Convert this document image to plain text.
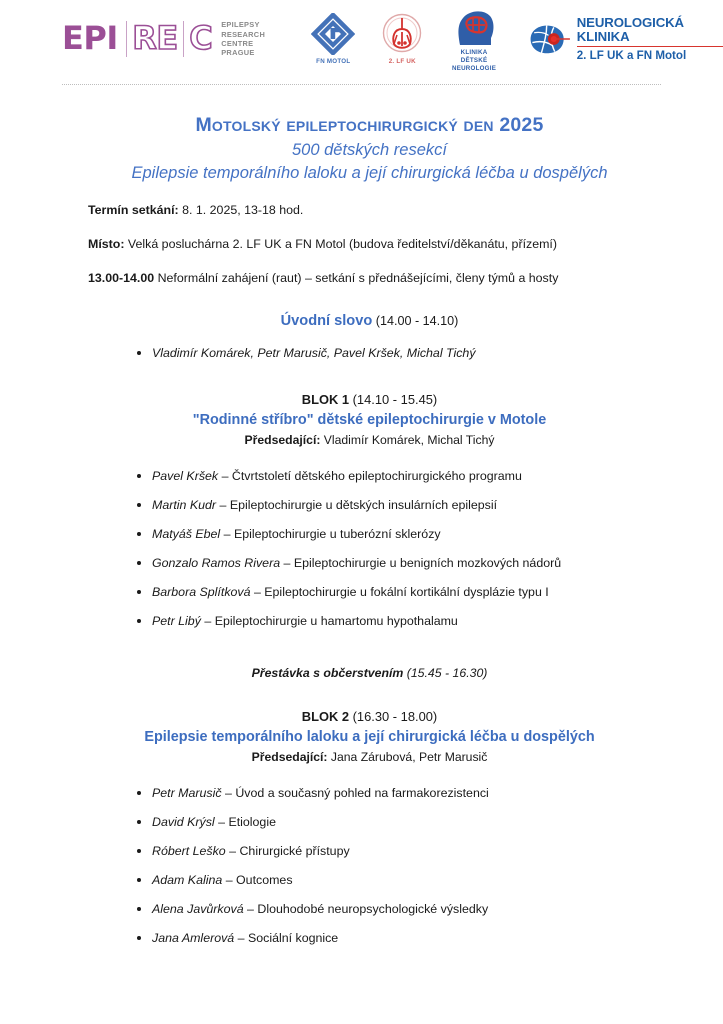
EPI RE C EPILEPSY
RESEARCH CENTRE
PRAGUE
FN MOTOL	2. LF UK
KLINIKA DĚTSKÉ
NEUROLOGIE
NEUROLOGICKÁ KLINIKA
2. LF UK a FN Motol
Motolský epileptochirurgický den 2025
500 dětských resekcí
Epilepsie temporálního laloku a její chirurgická léčba u dospělých
Termín setkání: 8. 1. 2025, 13-18 hod.
Místo: Velká posluchárna 2. LF UK a FN Motol (budova ředitelství/děkanátu, přízemí)
13.00-14.00 Neformální zahájení (raut) – setkání s přednášejícími, členy týmů a hosty
Úvodní slovo (14.00 - 14.10)
Vladimír Komárek, Petr Marusič, Pavel Kršek, Michal Tichý
BLOK 1 (14.10 - 15.45)
"Rodinné stříbro" dětské epileptochirurgie v Motole
Předsedající: Vladimír Komárek, Michal Tichý
Pavel Kršek – Čtvrtstoletí dětského epileptochirurgického programu
Martin Kudr – Epileptochirurgie u dětských insulárních epilepsií
Matyáš Ebel – Epileptochirurgie u tuberózní sklerózy
Gonzalo Ramos Rivera – Epileptochirurgie u benigních mozkových nádorů
Barbora Splítková – Epileptochirurgie u fokální kortikální dysplázie typu I
Petr Libý – Epileptochirurgie u hamartomu hypothalamu
Přestávka s občerstvením (15.45 - 16.30)
BLOK 2 (16.30 - 18.00)
Epilepsie temporálního laloku a její chirurgická léčba u dospělých
Předsedající: Jana Zárubová, Petr Marusič
Petr Marusič – Úvod a současný pohled na farmakorezistenci
David Krýsl – Etiologie
Róbert Leško – Chirurgické přístupy
Adam Kalina – Outcomes
Alena Javůrková – Dlouhodobé neuropsychologické výsledky
Jana Amlerová – Sociální kognice
